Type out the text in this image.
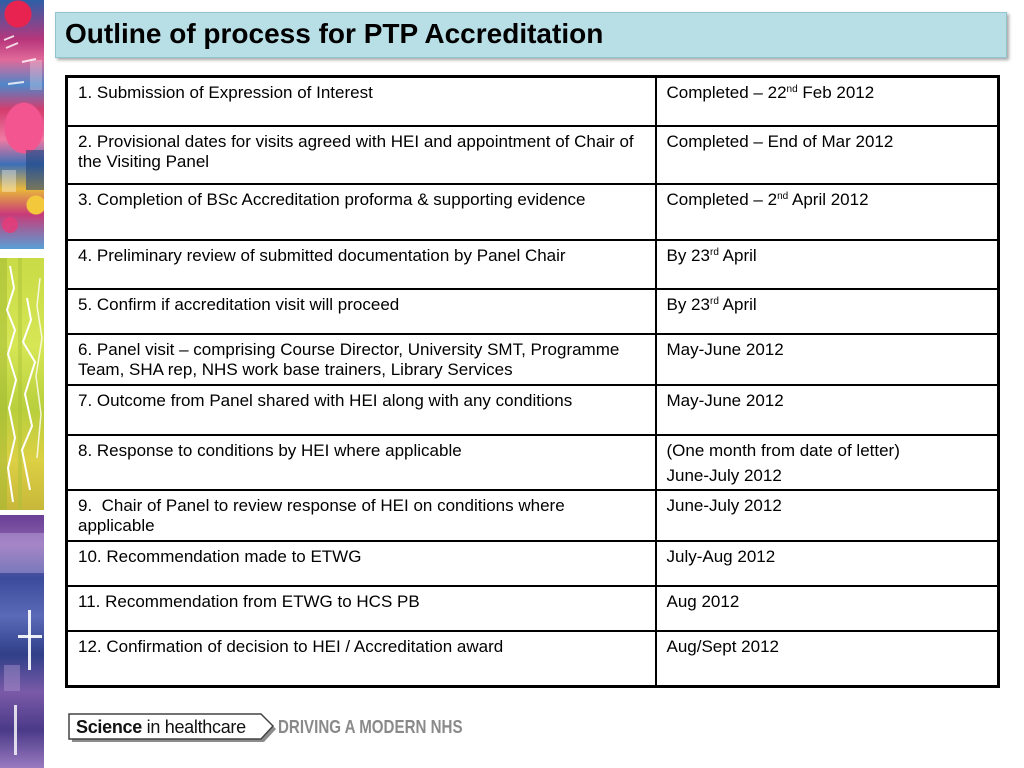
Outline of process for PTP Accreditation
1. Submission of Expression of Interest	Completed – 22nd Feb 2012

2. Provisional dates for visits agreed with HEI and appointment of Chair of the Visiting Panel	Completed – End of Mar 2012

3. Completion of BSc Accreditation proforma & supporting evidence	Completed – 2nd April 2012

4. Preliminary review of submitted documentation by Panel Chair	By 23rd April

5. Confirm if accreditation visit will proceed	By 23rd April

6. Panel visit – comprising Course Director, University SMT, Programme Team, SHA rep, NHS work base trainers, Library Services	May-June 2012

7. Outcome from Panel shared with HEI along with any conditions	May-June 2012

8. Response to conditions by HEI where applicable	(One month from date of letter)
June-July 2012

9.  Chair of Panel to review response of HEI on conditions where applicable	June-July 2012

10. Recommendation made to ETWG	July-Aug 2012

11. Recommendation from ETWG to HCS PB	Aug 2012

12. Confirmation of decision to HEI / Accreditation award	Aug/Sept 2012
Science in healthcare DRIVING A MODERN NHS
